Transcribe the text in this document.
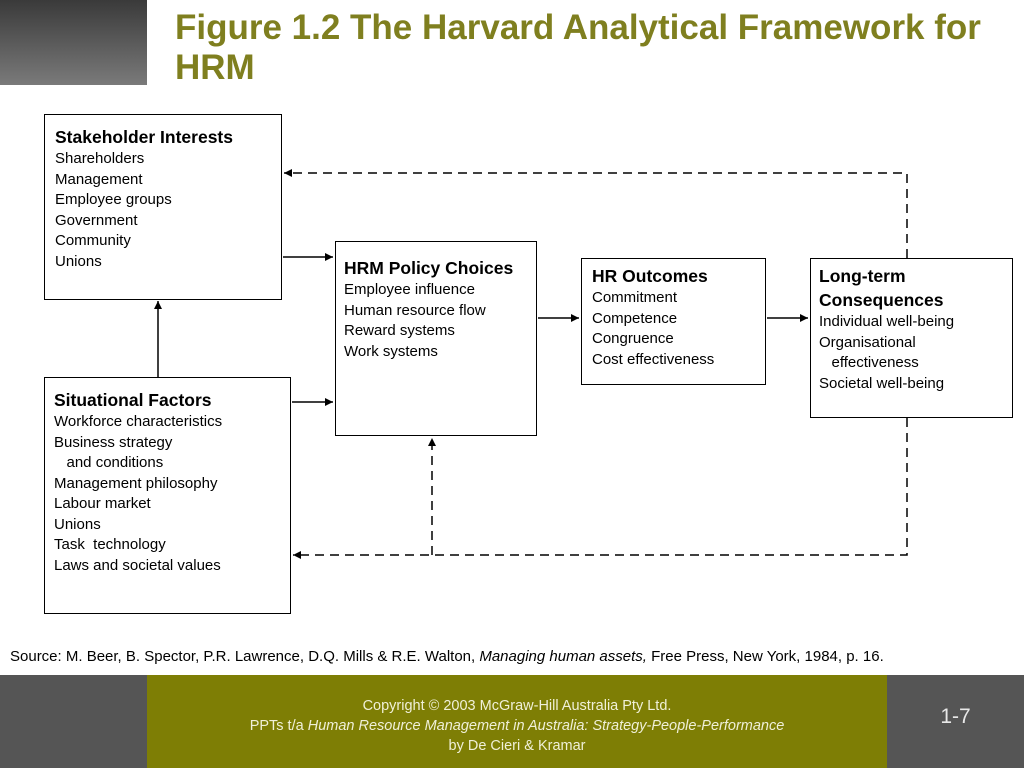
Figure 1.2 The Harvard Analytical Framework for HRM
Stakeholder Interests
Shareholders
Management
Employee groups
Government
Community
Unions
Situational Factors
Workforce characteristics
Business strategy
and conditions
Management philosophy
Labour market
Unions
Task  technology
Laws and societal values
HRM Policy Choices
Employee influence
Human resource flow
Reward systems
Work systems
HR Outcomes
Commitment
Competence
Congruence
Cost effectiveness
Long-term Consequences
Individual well-being
Organisational
effectiveness
Societal well-being
Source: M. Beer, B. Spector, P.R. Lawrence, D.Q. Mills & R.E. Walton, Managing human assets, Free Press, New York, 1984, p. 16.
Copyright © 2003 McGraw-Hill Australia Pty Ltd.
PPTs t/a Human Resource Management in Australia: Strategy-People-Performance
by De Cieri & Kramar
1-7
